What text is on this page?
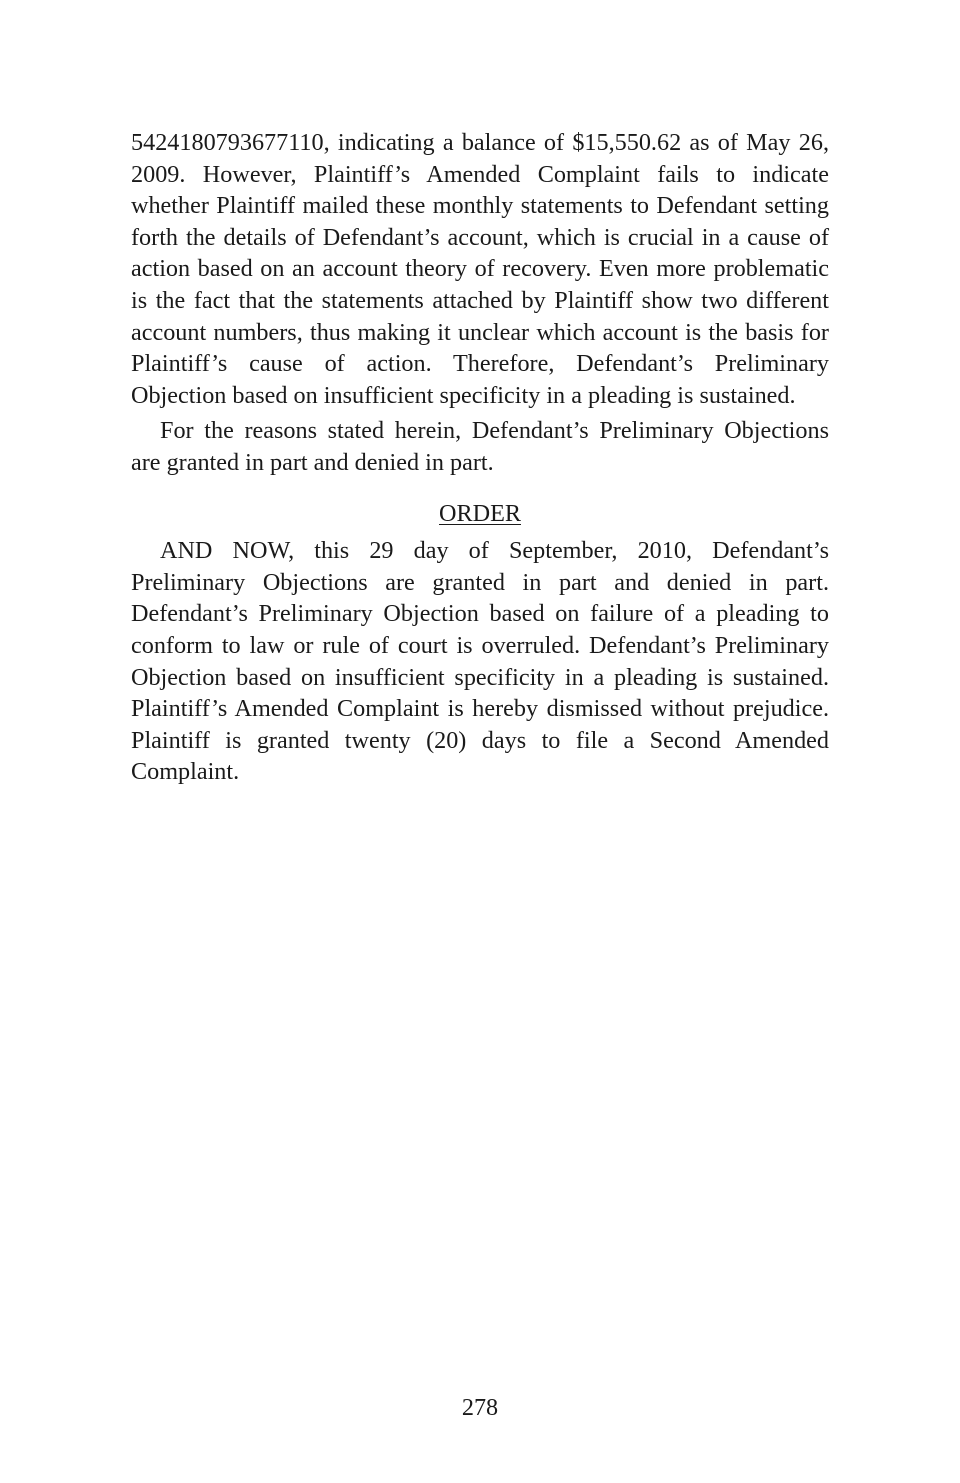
5424180793677110, indicating a balance of $15,550.62 as of May 26, 2009. However, Plaintiff’s Amended Complaint fails to indicate whether Plaintiff mailed these monthly statements to Defendant setting forth the details of Defendant’s account, which is crucial in a cause of action based on an account theory of recovery. Even more problematic is the fact that the statements attached by Plaintiff show two different account numbers, thus making it unclear which account is the basis for Plaintiff’s cause of action. Therefore, Defendant’s Preliminary Objection based on insufficient specificity in a pleading is sustained.

For the reasons stated herein, Defendant’s Preliminary Objections are granted in part and denied in part.

ORDER

AND NOW, this 29 day of September, 2010, Defendant’s Preliminary Objections are granted in part and denied in part. Defendant’s Preliminary Objection based on failure of a pleading to conform to law or rule of court is overruled. Defendant’s Preliminary Objection based on insufficient specificity in a pleading is sustained. Plaintiff’s Amended Complaint is hereby dismissed without prejudice. Plaintiff is granted twenty (20) days to file a Second Amended Complaint.

278
